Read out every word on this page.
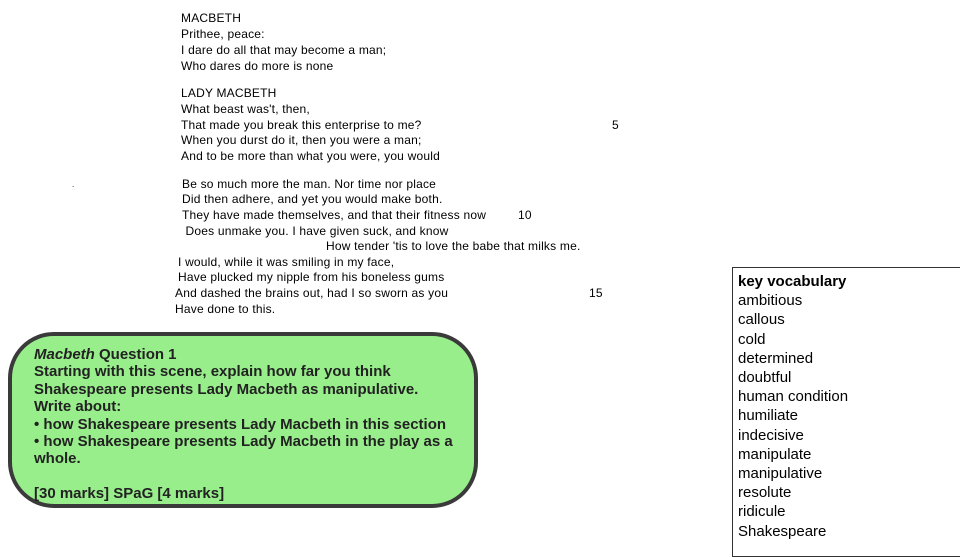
MACBETH
Prithee, peace:
I dare do all that may become a man;
Who dares do more is none
LADY MACBETH
What beast was't, then,
That made you break this enterprise to me?	5
When you durst do it, then you were a man;
And to be more than what you were, you would
.	Be so much more the man. Nor time nor place
Did then adhere, and yet you would make both.
They have made themselves, and that their fitness now	10
Does unmake you. I have given suck, and know
How tender 'tis to love the babe that milks me.
I would, while it was smiling in my face,
Have plucked my nipple from his boneless gums
And dashed the brains out, had I so sworn as you	15
Have done to this.
Macbeth Question 1
Starting with this scene, explain how far you think
Shakespeare presents Lady Macbeth as manipulative.
Write about:
• how Shakespeare presents Lady Macbeth in this section
• how Shakespeare presents Lady Macbeth in the play as a
whole.
[30 marks] SPaG [4 marks]
key vocabulary
ambitious
callous
cold
determined
doubtful
human condition
humiliate
indecisive
manipulate
manipulative
resolute
ridicule
Shakespeare
